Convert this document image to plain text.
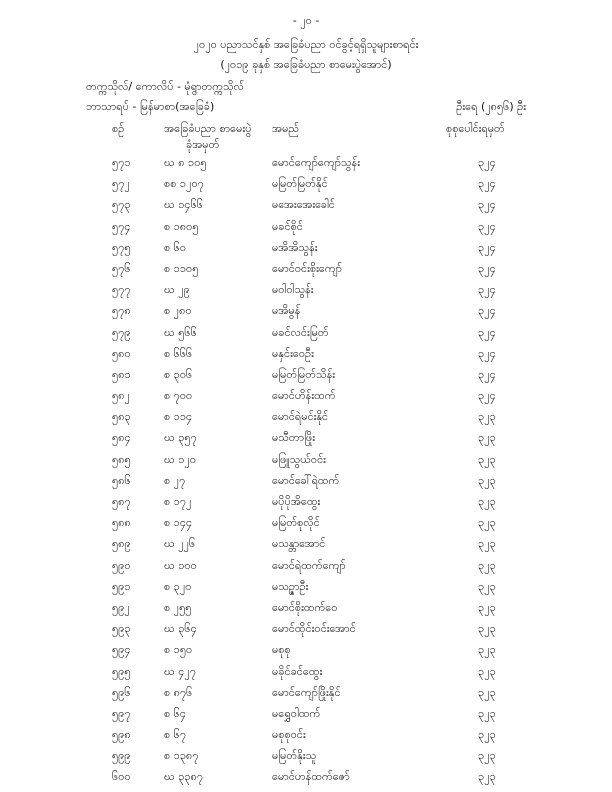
- ၂၀ -
၂၀၂၀ ပညာသင်နှစ် အခြေခံပညာ ဝင်ခွင့်ရရှိသူများစာရင်း
(၂၀၁၉ ခုနှစ် အခြေခံပညာ စာမေးပွဲအောင်)
တက္ကသိုလ်/ ကောလိပ် - မုံရွာတက္ကသိုလ်
ဘာသာရပ် - မြန်မာစာ(အခြေခံ)	ဦးရေ (၂၈၅၆) ဦး
စဉ်	အခြေခံပညာ စာမေးပွဲ
ခုံအမှတ်
အမည်	စုစုပေါင်းရမှတ်
၅၇၁	ဃ ၈ ၁၀၅	မောင်ကျော်ကျော်သွန်း	၃၂၄
၅၇၂	စစ ၁၂၀၇	မမြတ်မြတ်နိုင်	၃၂၄
၅၇၃	ဃ ၁၄၆၆	မအေးအေးခေါင်	၃၂၄
၅၇၄	စ ၁၈၀၅	မခင်စိုင်	၃၂၄
၅၇၅	စ ၆၀	မအိအိသွန်း	၃၂၄
၅၇၆	စ ၁၁၀၅	မောင်ဝင်းစိုးကျော်	၃၂၄
၅၇၇	ဃ ၂၉	မဝါဝါသွန်း	၃၂၄
၅၇၈	စ ၂၈၀	မအိမွန်	၃၂၄
၅၇၉	ဃ ၅၆၆	မခင်လင်းမြတ်	၃၂၄
၅၈၀	စ ၆၆၆	မနှင်းဝေဦး	၃၂၄
၅၈၁	စ ၃၀၆	မမြတ်မြတ်သိန်း	၃၂၄
၅၈၂	စ ၇၀၀	မောင်ဟိန်းထက်	၃၂၄
၅၈၃	စ ၁၁၄	မောင်ရဲမင်းနိုင်	၃၂၃
၅၈၄	ဃ ၃၅၇	မသီတာဖြိုး	၃၂၃
၅၈၅	ဃ ၁၂၀	မဖြူသွယ်ဝင်း	၃၂၃
၅၈၆	စ ၂၇	မောင်ခေါ်ရဲထက်	၃၂၃
၅၈၇	စ ၁၇၂	မပိုပိုအိထွေး	၃၂၃
၅၈၈	စ ၁၄၄	မမြတ်စုလိုင်	၃၂၃
၅၈၉	ဃ ၂၂၆	မသန္တာအောင်	၃၂၃
၅၉၀	ဃ ၁၀၀	မောင်ရဲထက်ကျော်	၃၂၃
၅၉၁	စ ၃၂၀	မသဉ္ဇာဦး	၃၂၃
၅၉၂	စ ၂၅၅	မောင်စိုးထက်ဝေ	၃၂၃
၅၉၃	ဃ ၃၆၄	မောင်ထိုင်းဝင်းအောင်	၃၂၃
၅၉၄	စ ၁၅၀	မစုစု	၃၂၃
၅၉၅	ဃ ၄၂၇	မခိုင်ခင်ထွေး	၃၂၃
၅၉၆	စ ၈၇၆	မောင်ကျော်ဖြိုးနိုင်	၃၂၃
၅၉၇	စ ၆၄	မရွှေဝါထက်	၃၂၃
၅၉၈	စ ၆၇	မစုစုဝင်း	၃၂၃
၅၉၉	စ ၁၃၈၇	မမြတ်နိုးသူ	၃၂၃
၆၀၀	ဃ ၃၃၈၇	မောင်ဟန်ထက်ဇော်	၃၂၃
